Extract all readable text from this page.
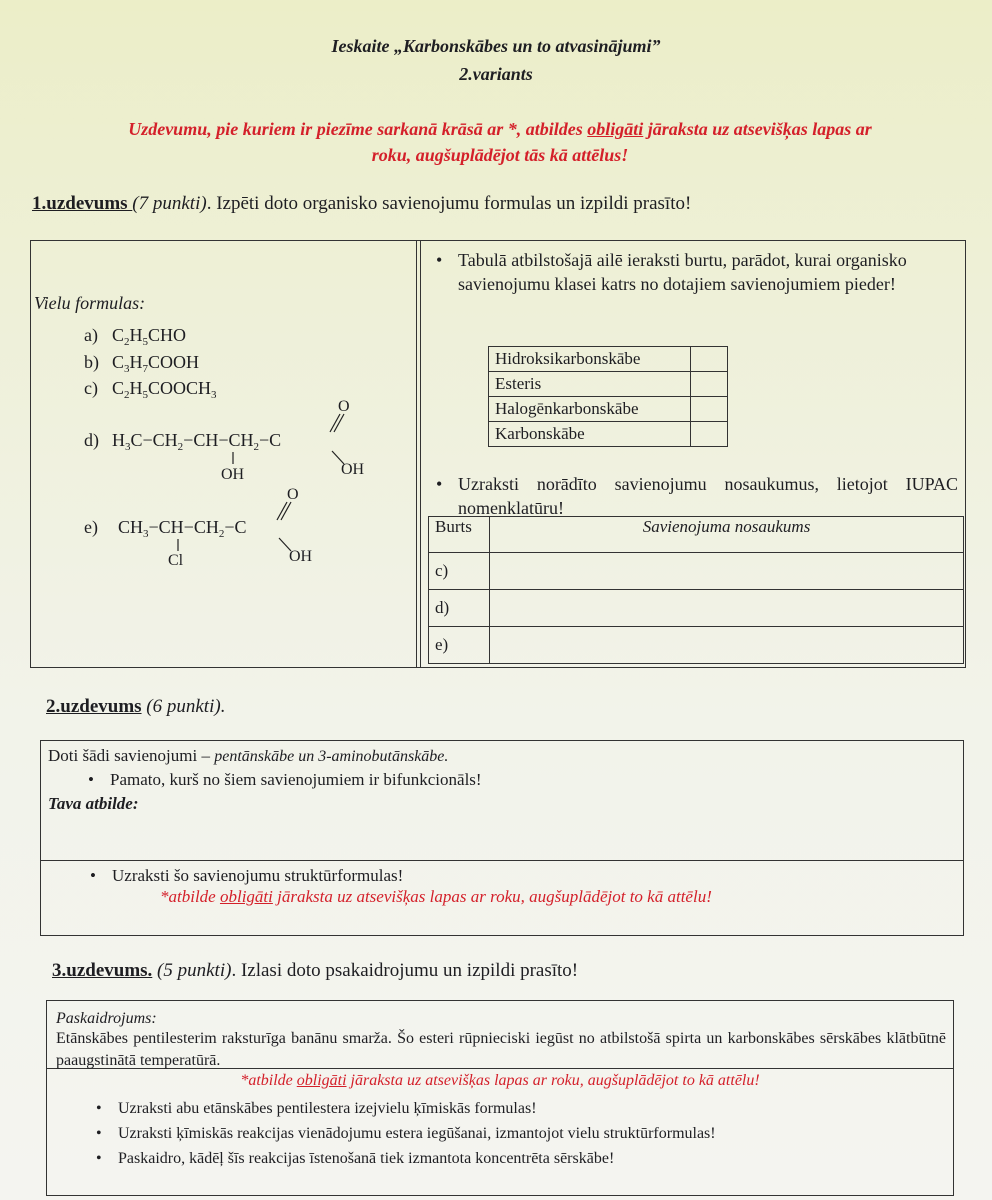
Ieskaite „Karbonskābes un to atvasinājumi”
2.variants
Uzdevumu, pie kuriem ir piezīme sarkanā krāsā ar *, atbildes obligāti jāraksta uz atsevišķas lapas ar
roku, augšuplādējot tās kā attēlus!
1.uzdevums (7 punkti). Izpēti doto organisko savienojumu formulas un izpildi prasīto!
Vielu formulas:
a) $C_2H_5CHO$
b) $C_3H_7COOH$
c) $C_2H_5COOCH_3$
d) $H_3C-CH_2-CH-CH_2-C$
O
OH
OH
e) $CH_3-CH-CH_2-C$
O
OH
Cl
• Tabulā atbilstošajā ailē ieraksti burtu, parādot, kurai organisko savienojumu klasei katrs no dotajiem savienojumiem pieder!
Hidroksikarbonskābe	
Esteris	
Halogēnkarbonskābe	
Karbonskābe	
• Uzraksti norādīto savienojumu nosaukumus, lietojot IUPAC nomenklatūru!
Burts	Savienojuma nosaukums
c)	
d)	
e)	
2.uzdevums (6 punkti).
Doti šādi savienojumi – pentānskābe un 3-aminobutānskābe.
• Pamato, kurš no šiem savienojumiem ir bifunkcionāls!
Tava atbilde:
• Uzraksti šo savienojumu struktūrformulas!
*atbilde obligāti jāraksta uz atsevišķas lapas ar roku, augšuplādējot to kā attēlu!
3.uzdevums. (5 punkti). Izlasi doto psakaidrojumu un izpildi prasīto!
Paskaidrojums:
Etānskābes pentilesterim raksturīga banānu smarža. Šo esteri rūpnieciski iegūst no atbilstošā spirta un karbonskābes sērskābes klātbūtnē paaugstinātā temperatūrā.
*atbilde obligāti jāraksta uz atsevišķas lapas ar roku, augšuplādējot to kā attēlu!
• Uzraksti abu etānskābes pentilestera izejvielu ķīmiskās formulas!
• Uzraksti ķīmiskās reakcijas vienādojumu estera iegūšanai, izmantojot vielu struktūrformulas!
• Paskaidro, kādēļ šīs reakcijas īstenošanā tiek izmantota koncentrēta sērskābe!
